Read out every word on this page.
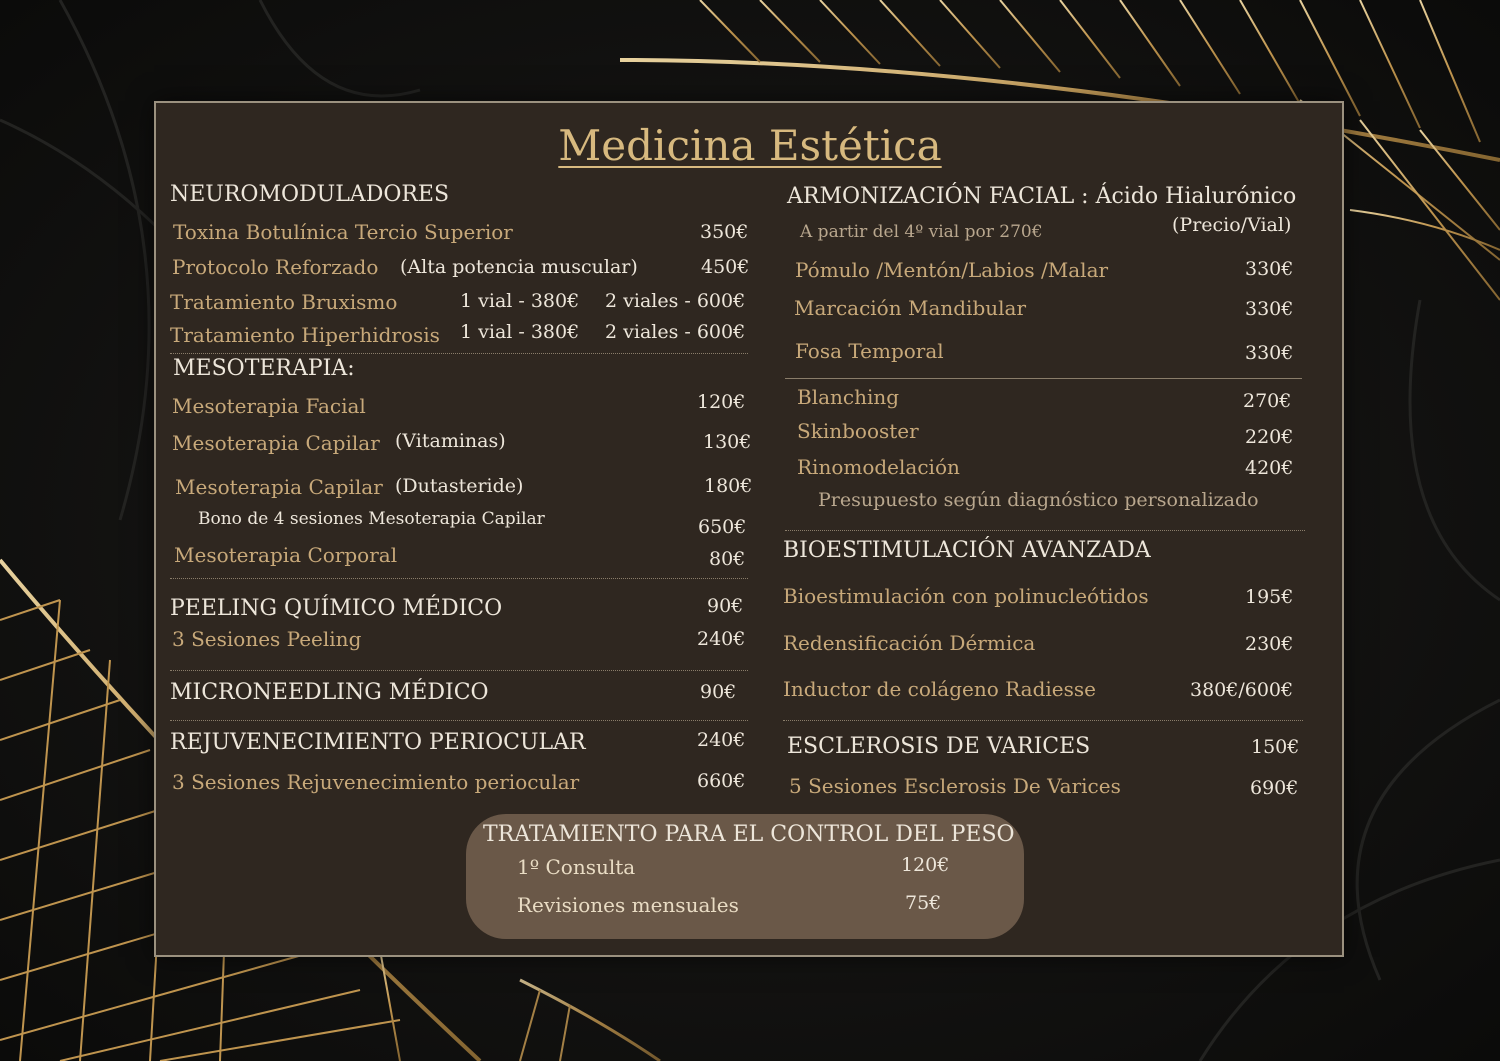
Medicina Estética
NEUROMODULADORES
Toxina Botulínica Tercio Superior	350€
Protocolo Reforzado (Alta potencia muscular)	450€
Tratamiento Bruxismo	1 vial - 380€ 2 viales - 600€
Tratamiento Hiperhidrosis 1 vial - 380€ 2 viales - 600€
MESOTERAPIA:
Mesoterapia Facial	120€
Mesoterapia Capilar (Vitaminas)	130€
Mesoterapia Capilar (Dutasteride)	180€
Bono de 4 sesiones Mesoterapia Capilar	650€
Mesoterapia Corporal	80€
PEELING QUÍMICO MÉDICO	90€
3 Sesiones Peeling	240€
MICRONEEDLING MÉDICO	90€
REJUVENECIMIENTO PERIOCULAR	240€
3 Sesiones Rejuvenecimiento periocular	660€
ARMONIZACIÓN FACIAL : Ácido Hialurónico
(Precio/Vial)
A partir del 4º vial por 270€
Pómulo /Mentón/Labios /Malar	330€
Marcación Mandibular	330€
Fosa Temporal	330€
Blanching	270€
Skinbooster	220€
Rinomodelación	420€
Presupuesto según diagnóstico personalizado
BIOESTIMULACIÓN AVANZADA
Bioestimulación con polinucleótidos	195€
Redensificación Dérmica	230€
Inductor de colágeno Radiesse	380€/600€
ESCLEROSIS DE VARICES	150€
5 Sesiones Esclerosis De Varices	690€
TRATAMIENTO PARA EL CONTROL DEL PESO
1º Consulta	120€
Revisiones mensuales	75€
